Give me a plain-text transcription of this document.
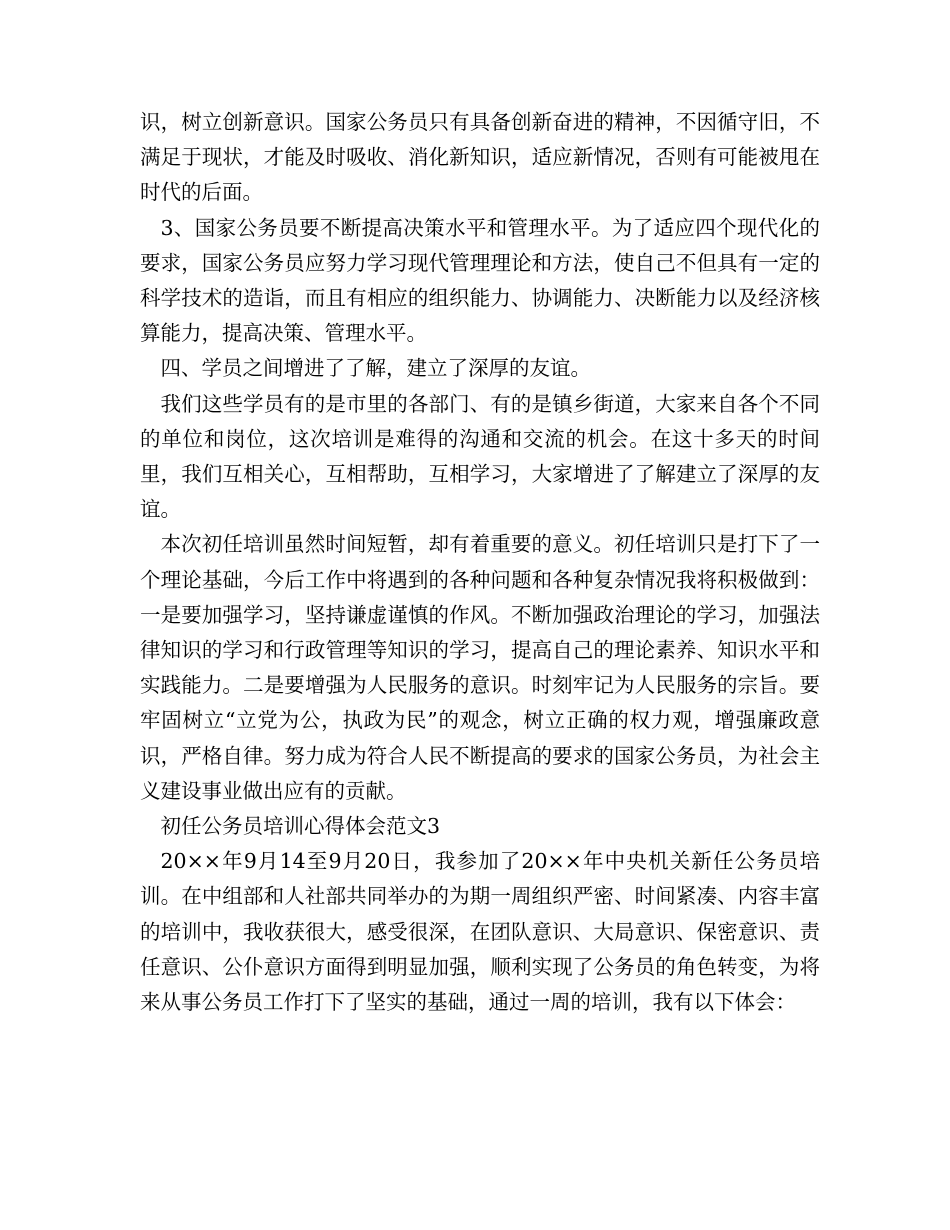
识，树立创新意识。国家公务员只有具备创新奋进的精神，不因循守旧，不满足于现状，才能及时吸收、消化新知识，适应新情况，否则有可能被甩在时代的后面。

3、国家公务员要不断提高决策水平和管理水平。为了适应四个现代化的要求，国家公务员应努力学习现代管理理论和方法，使自己不但具有一定的科学技术的造诣，而且有相应的组织能力、协调能力、决断能力以及经济核算能力，提高决策、管理水平。

四、学员之间增进了了解，建立了深厚的友谊。

我们这些学员有的是市里的各部门、有的是镇乡街道，大家来自各个不同的单位和岗位，这次培训是难得的沟通和交流的机会。在这十多天的时间里，我们互相关心，互相帮助，互相学习，大家增进了了解建立了深厚的友谊。

本次初任培训虽然时间短暂，却有着重要的意义。初任培训只是打下了一个理论基础，今后工作中将遇到的各种问题和各种复杂情况我将积极做到：一是要加强学习，坚持谦虚谨慎的作风。不断加强政治理论的学习，加强法律知识的学习和行政管理等知识的学习，提高自己的理论素养、知识水平和实践能力。二是要增强为人民服务的意识。时刻牢记为人民服务的宗旨。要牢固树立“立党为公，执政为民”的观念，树立正确的权力观，增强廉政意识，严格自律。努力成为符合人民不断提高的要求的国家公务员，为社会主义建设事业做出应有的贡献。

初任公务员培训心得体会范文3

20××年9月14至9月20日，我参加了20××年中央机关新任公务员培训。在中组部和人社部共同举办的为期一周组织严密、时间紧凑、内容丰富的培训中，我收获很大，感受很深，在团队意识、大局意识、保密意识、责任意识、公仆意识方面得到明显加强，顺利实现了公务员的角色转变，为将来从事公务员工作打下了坚实的基础，通过一周的培训，我有以下体会：
